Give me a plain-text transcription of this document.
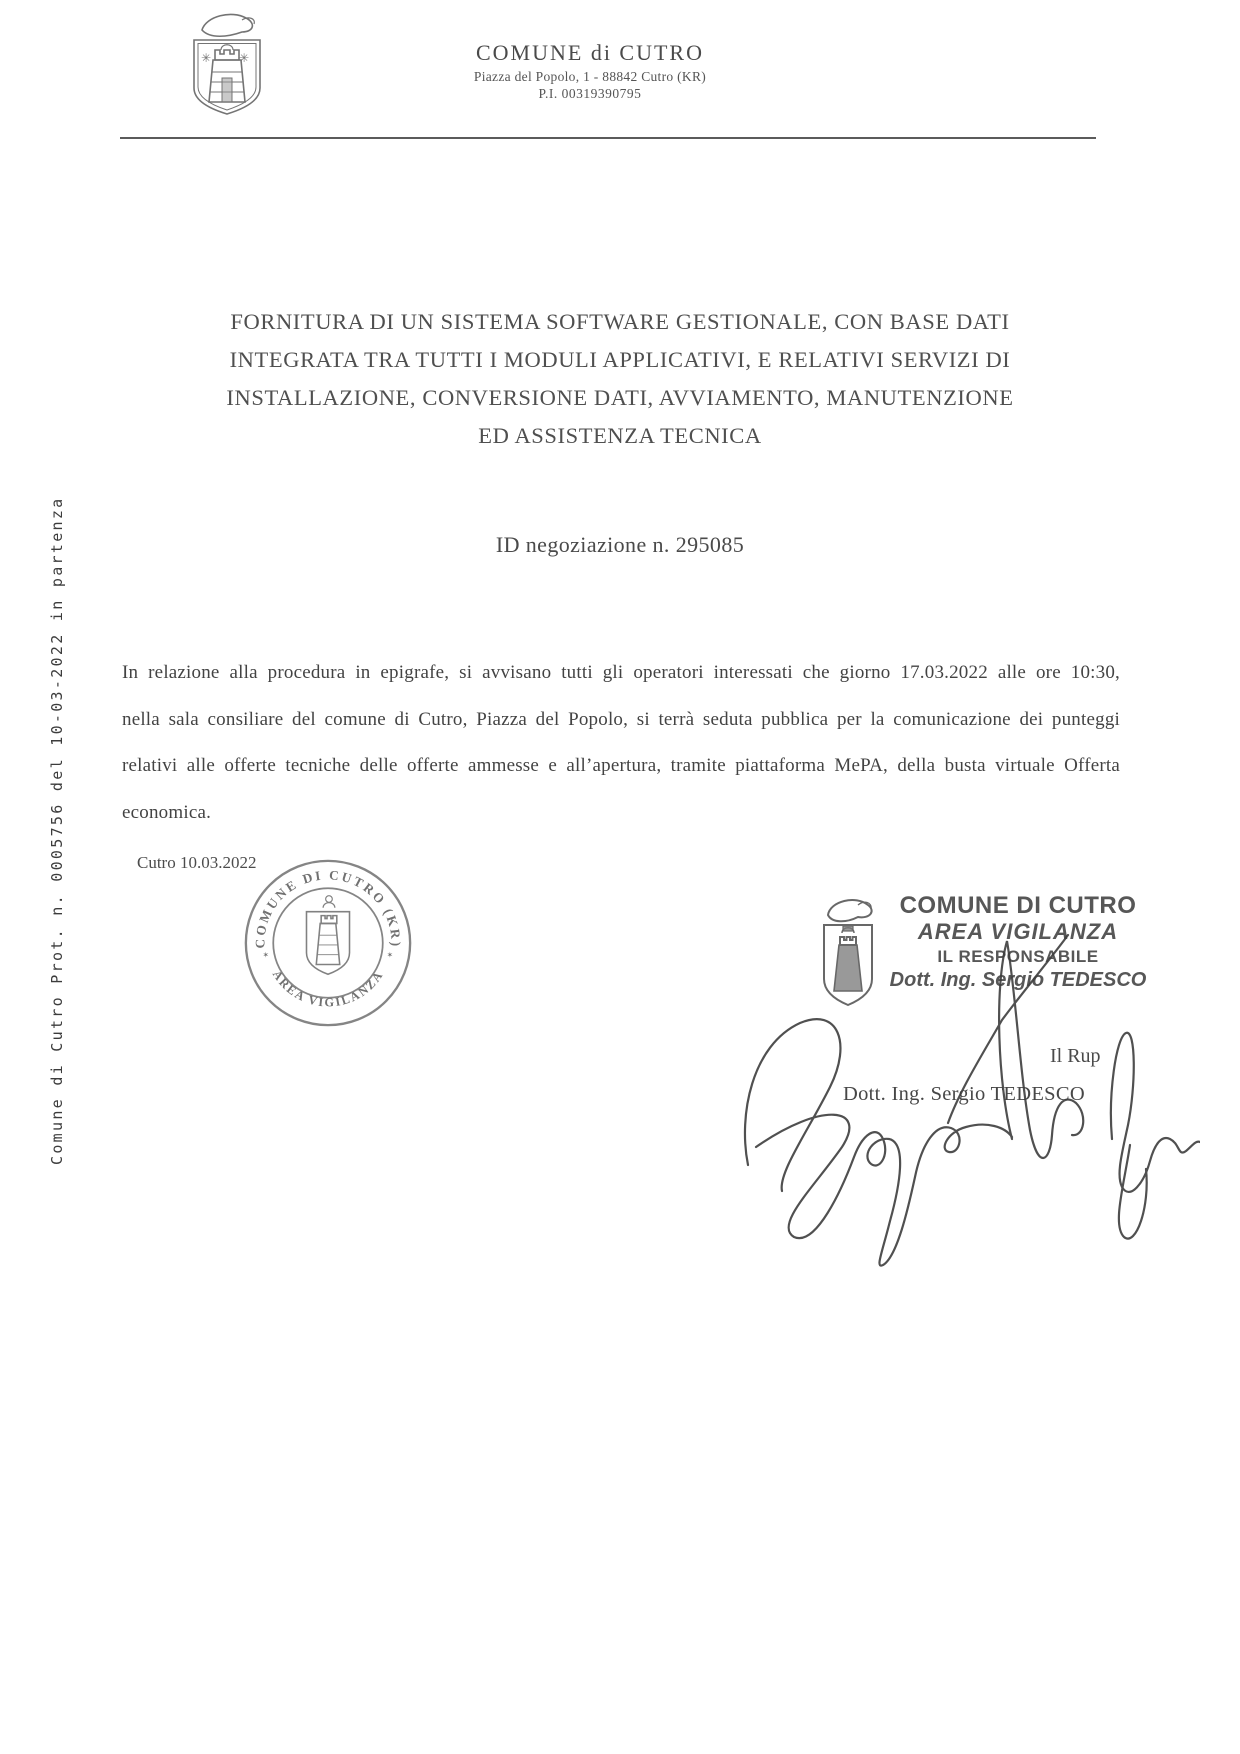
✳ ✳	COMUNE di CUTRO
Piazza del Popolo, 1 - 88842 Cutro (KR)
P.I. 00319390795
Comune di Cutro Prot. n. 0005756 del 10-03-2022 in partenza
FORNITURA DI UN SISTEMA SOFTWARE GESTIONALE, CON BASE DATI
INTEGRATA TRA TUTTI I MODULI APPLICATIVI, E RELATIVI SERVIZI DI
INSTALLAZIONE, CONVERSIONE DATI, AVVIAMENTO, MANUTENZIONE
ED ASSISTENZA TECNICA
ID negoziazione n. 295085
In relazione alla procedura in epigrafe, si avvisano tutti gli operatori interessati che giorno 17.03.2022 alle ore 10:30, nella sala consiliare del comune di Cutro, Piazza del Popolo, si terrà seduta pubblica per la comunicazione dei punteggi relativi alle offerte tecniche delle offerte ammesse e all’apertura, tramite piattaforma MePA, della busta virtuale Offerta economica.
Cutro 10.03.2022
COMUNE DI CUTRO (KR)
AREA VIGILANZA
✶	✶
COMUNE DI CUTRO
AREA VIGILANZA
IL RESPONSABILE
Dott. Ing. Sergio TEDESCO
Il Rup
Dott. Ing. Sergio TEDESCO
